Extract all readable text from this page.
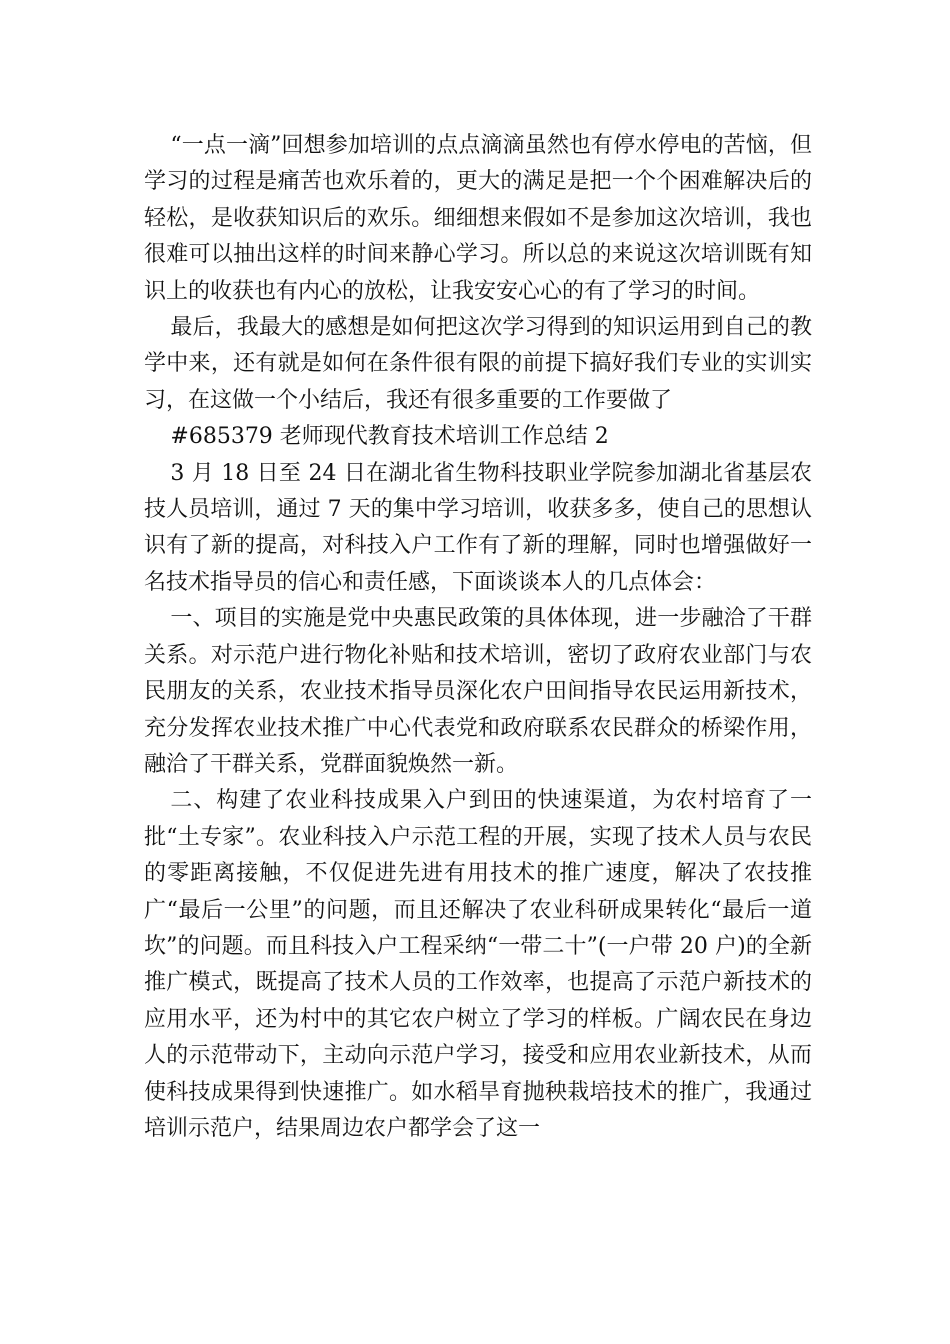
“一点一滴”回想参加培训的点点滴滴虽然也有停水停电的苦恼，但学习的过程是痛苦也欢乐着的，更大的满足是把一个个困难解决后的轻松，是收获知识后的欢乐。细细想来假如不是参加这次培训，我也很难可以抽出这样的时间来静心学习。所以总的来说这次培训既有知识上的收获也有内心的放松，让我安安心心的有了学习的时间。

最后，我最大的感想是如何把这次学习得到的知识运用到自己的教学中来，还有就是如何在条件很有限的前提下搞好我们专业的实训实习，在这做一个小结后，我还有很多重要的工作要做了

#685379 老师现代教育技术培训工作总结 2

3 月 18 日至 24 日在湖北省生物科技职业学院参加湖北省基层农技人员培训，通过 7 天的集中学习培训，收获多多，使自己的思想认识有了新的提高，对科技入户工作有了新的理解，同时也增强做好一名技术指导员的信心和责任感，下面谈谈本人的几点体会：

一、项目的实施是党中央惠民政策的具体体现，进一步融洽了干群关系。对示范户进行物化补贴和技术培训，密切了政府农业部门与农民朋友的关系，农业技术指导员深化农户田间指导农民运用新技术，充分发挥农业技术推广中心代表党和政府联系农民群众的桥梁作用，融洽了干群关系，党群面貌焕然一新。

二、构建了农业科技成果入户到田的快速渠道，为农村培育了一批“土专家”。农业科技入户示范工程的开展，实现了技术人员与农民的零距离接触，不仅促进先进有用技术的推广速度，解决了农技推广“最后一公里”的问题，而且还解决了农业科研成果转化“最后一道坎”的问题。而且科技入户工程采纳“一带二十”(一户带 20 户)的全新推广模式，既提高了技术人员的工作效率，也提高了示范户新技术的应用水平，还为村中的其它农户树立了学习的样板。广阔农民在身边人的示范带动下，主动向示范户学习，接受和应用农业新技术，从而使科技成果得到快速推广。如水稻旱育抛秧栽培技术的推广，我通过培训示范户，结果周边农户都学会了这一
